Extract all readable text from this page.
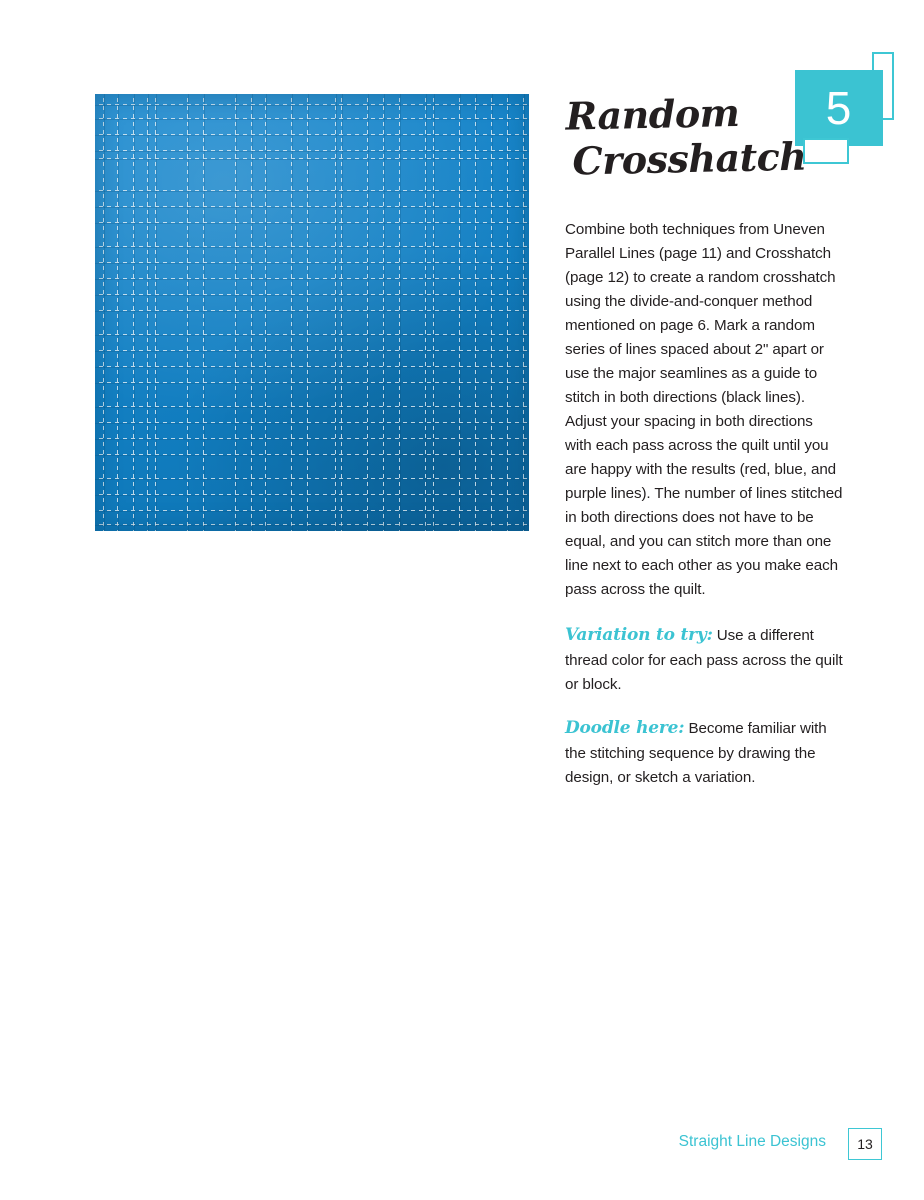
5
Random
Crosshatch

Combine both techniques from Uneven Parallel Lines (page 11) and Crosshatch (page 12) to create a random crosshatch using the divide-and-conquer method mentioned on page 6. Mark a random series of lines spaced about 2" apart or use the major seamlines as a guide to stitch in both directions (black lines). Adjust your spacing in both directions with each pass across the quilt until you are happy with the results (red, blue, and purple lines). The number of lines stitched in both directions does not have to be equal, and you can stitch more than one line next to each other as you make each pass across the quilt.

Variation to try: Use a different thread color for each pass across the quilt or block.

Doodle here: Become familiar with the stitching sequence by drawing the design, or sketch a variation.

Straight Line Designs	13
